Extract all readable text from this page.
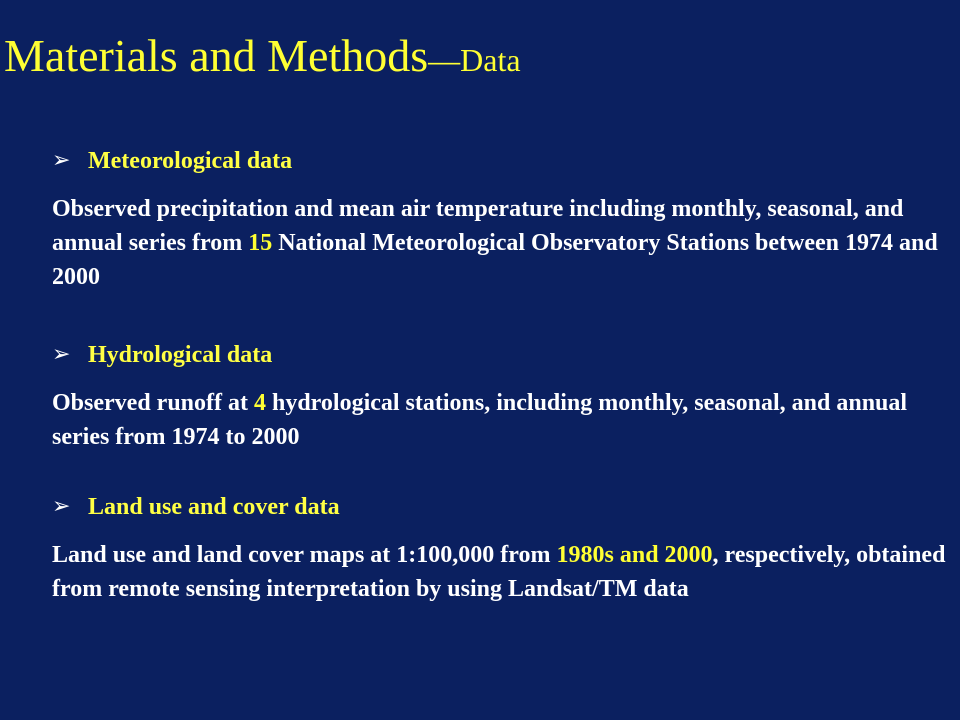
Materials and Methods—Data
➢ Meteorological data
Observed precipitation and mean air temperature including monthly, seasonal, and annual series from 15 National Meteorological Observatory Stations between 1974 and 2000
➢ Hydrological data
Observed runoff at 4 hydrological stations, including monthly, seasonal, and annual series from 1974 to 2000
➢ Land use and cover data
Land use and land cover maps at 1:100,000 from 1980s and 2000, respectively, obtained from remote sensing interpretation by using Landsat/TM data
